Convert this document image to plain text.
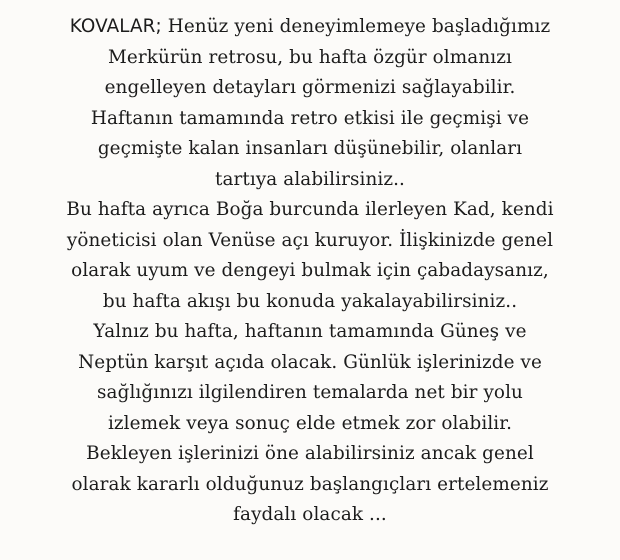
KOVALAR; Henüz yeni deneyimlemeye başladığımız
Merkürün retrosu, bu hafta özgür olmanızı
engelleyen detayları görmenizi sağlayabilir.
Haftanın tamamında retro etkisi ile geçmişi ve
geçmişte kalan insanları düşünebilir, olanları
tartıya alabilirsiniz..
Bu hafta ayrıca Boğa burcunda ilerleyen Kad, kendi
yöneticisi olan Venüse açı kuruyor. İlişkinizde genel
olarak uyum ve dengeyi bulmak için çabadaysanız,
bu hafta akışı bu konuda yakalayabilirsiniz..
Yalnız bu hafta, haftanın tamamında Güneş ve
Neptün karşıt açıda olacak. Günlük işlerinizde ve
sağlığınızı ilgilendiren temalarda net bir yolu
izlemek veya sonuç elde etmek zor olabilir.
Bekleyen işlerinizi öne alabilirsiniz ancak genel
olarak kararlı olduğunuz başlangıçları ertelemeniz
faydalı olacak ...
